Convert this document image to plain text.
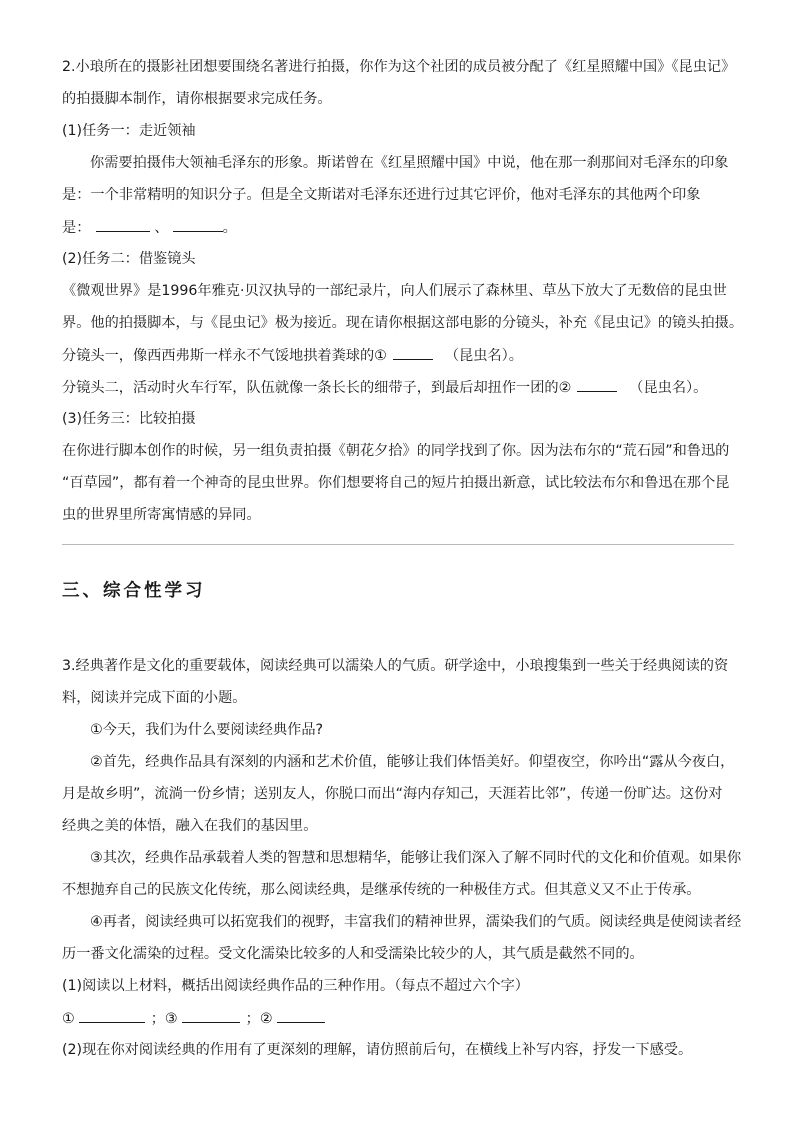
2.小琅所在的摄影社团想要围绕名著进行拍摄，你作为这个社团的成员被分配了《红星照耀中国》《昆虫记》
的拍摄脚本制作，请你根据要求完成任务。
(1)任务一：走近领袖
你需要拍摄伟大领袖毛泽东的形象。斯诺曾在《红星照耀中国》中说，他在那一刹那间对毛泽东的印象
是：一个非常精明的知识分子。但是全文斯诺对毛泽东还进行过其它评价，他对毛泽东的其他两个印象
是：	、	。
(2)任务二：借鉴镜头
《微观世界》是1996年雅克·贝汉执导的一部纪录片，向人们展示了森林里、草丛下放大了无数倍的昆虫世
界。他的拍摄脚本，与《昆虫记》极为接近。现在请你根据这部电影的分镜头，补充《昆虫记》的镜头拍摄。
分镜头一，像西西弗斯一样永不气馁地拱着粪球的①	（昆虫名）。
分镜头二，活动时火车行军，队伍就像一条长长的细带子，到最后却扭作一团的②	（昆虫名）。
(3)任务三：比较拍摄
在你进行脚本创作的时候，另一组负责拍摄《朝花夕拾》的同学找到了你。因为法布尔的“荒石园”和鲁迅的
“百草园”，都有着一个神奇的昆虫世界。你们想要将自己的短片拍摄出新意，试比较法布尔和鲁迅在那个昆
虫的世界里所寄寓情感的异同。
三、综合性学习
3.经典著作是文化的重要载体，阅读经典可以濡染人的气质。研学途中，小琅搜集到一些关于经典阅读的资
料，阅读并完成下面的小题。
①今天，我们为什么要阅读经典作品?
②首先，经典作品具有深刻的内涵和艺术价值，能够让我们体悟美好。仰望夜空，你吟出“露从今夜白，
月是故乡明”，流淌一份乡情；送别友人，你脱口而出“海内存知己，天涯若比邻”，传递一份旷达。这份对
经典之美的体悟，融入在我们的基因里。
③其次，经典作品承载着人类的智慧和思想精华，能够让我们深入了解不同时代的文化和价值观。如果你
不想抛弃自己的民族文化传统，那么阅读经典，是继承传统的一种极佳方式。但其意义又不止于传承。
④再者，阅读经典可以拓宽我们的视野，丰富我们的精神世界，濡染我们的气质。阅读经典是使阅读者经
历一番文化濡染的过程。受文化濡染比较多的人和受濡染比较少的人，其气质是截然不同的。
(1)阅读以上材料，概括出阅读经典作品的三种作用。（每点不超过六个字）
①	；③	；②
(2)现在你对阅读经典的作用有了更深刻的理解，请仿照前后句，在横线上补写内容，抒发一下感受。
